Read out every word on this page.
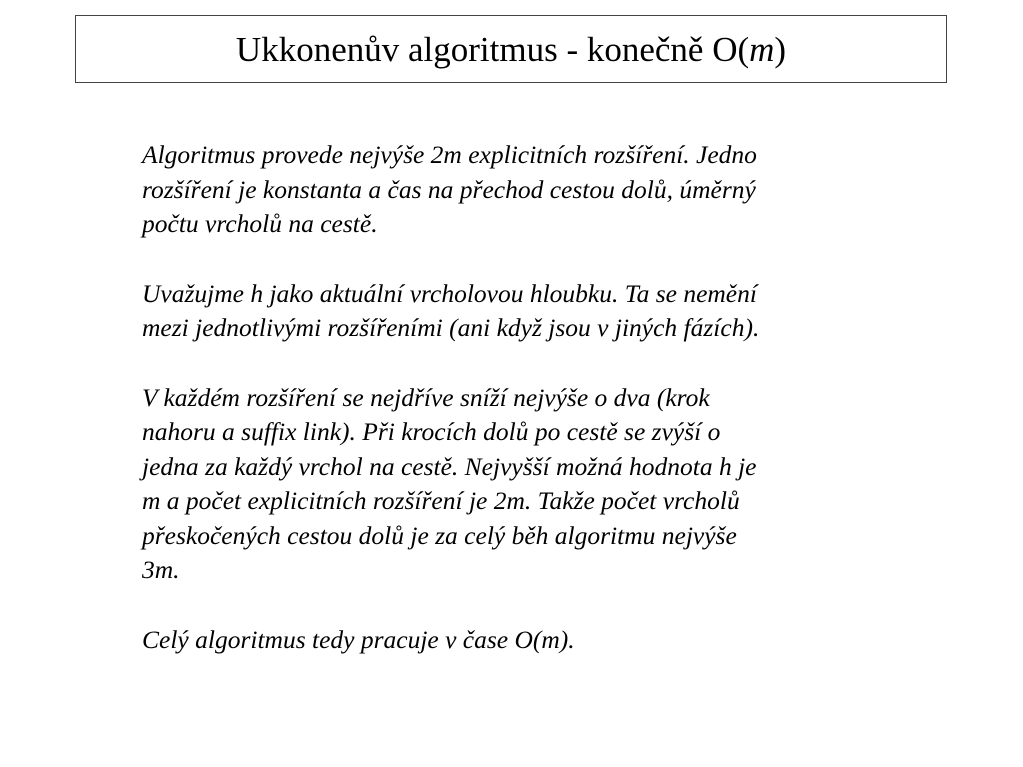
Ukkonenův algoritmus - konečně O(m)

Algoritmus provede nejvýše 2m explicitních rozšíření. Jedno
rozšíření je konstanta a čas na přechod cestou dolů, úměrný
počtu vrcholů na cestě.

Uvažujme h jako aktuální vrcholovou hloubku. Ta se nemění
mezi jednotlivými rozšířeními (ani když jsou v jiných fázích).

V každém rozšíření se nejdříve sníží nejvýše o dva (krok
nahoru a suffix link). Při krocích dolů po cestě se zvýší o
jedna za každý vrchol na cestě. Nejvyšší možná hodnota h je
m a počet explicitních rozšíření je 2m. Takže počet vrcholů
přeskočených cestou dolů je za celý běh algoritmu nejvýše
3m.

Celý algoritmus tedy pracuje v čase O(m).
